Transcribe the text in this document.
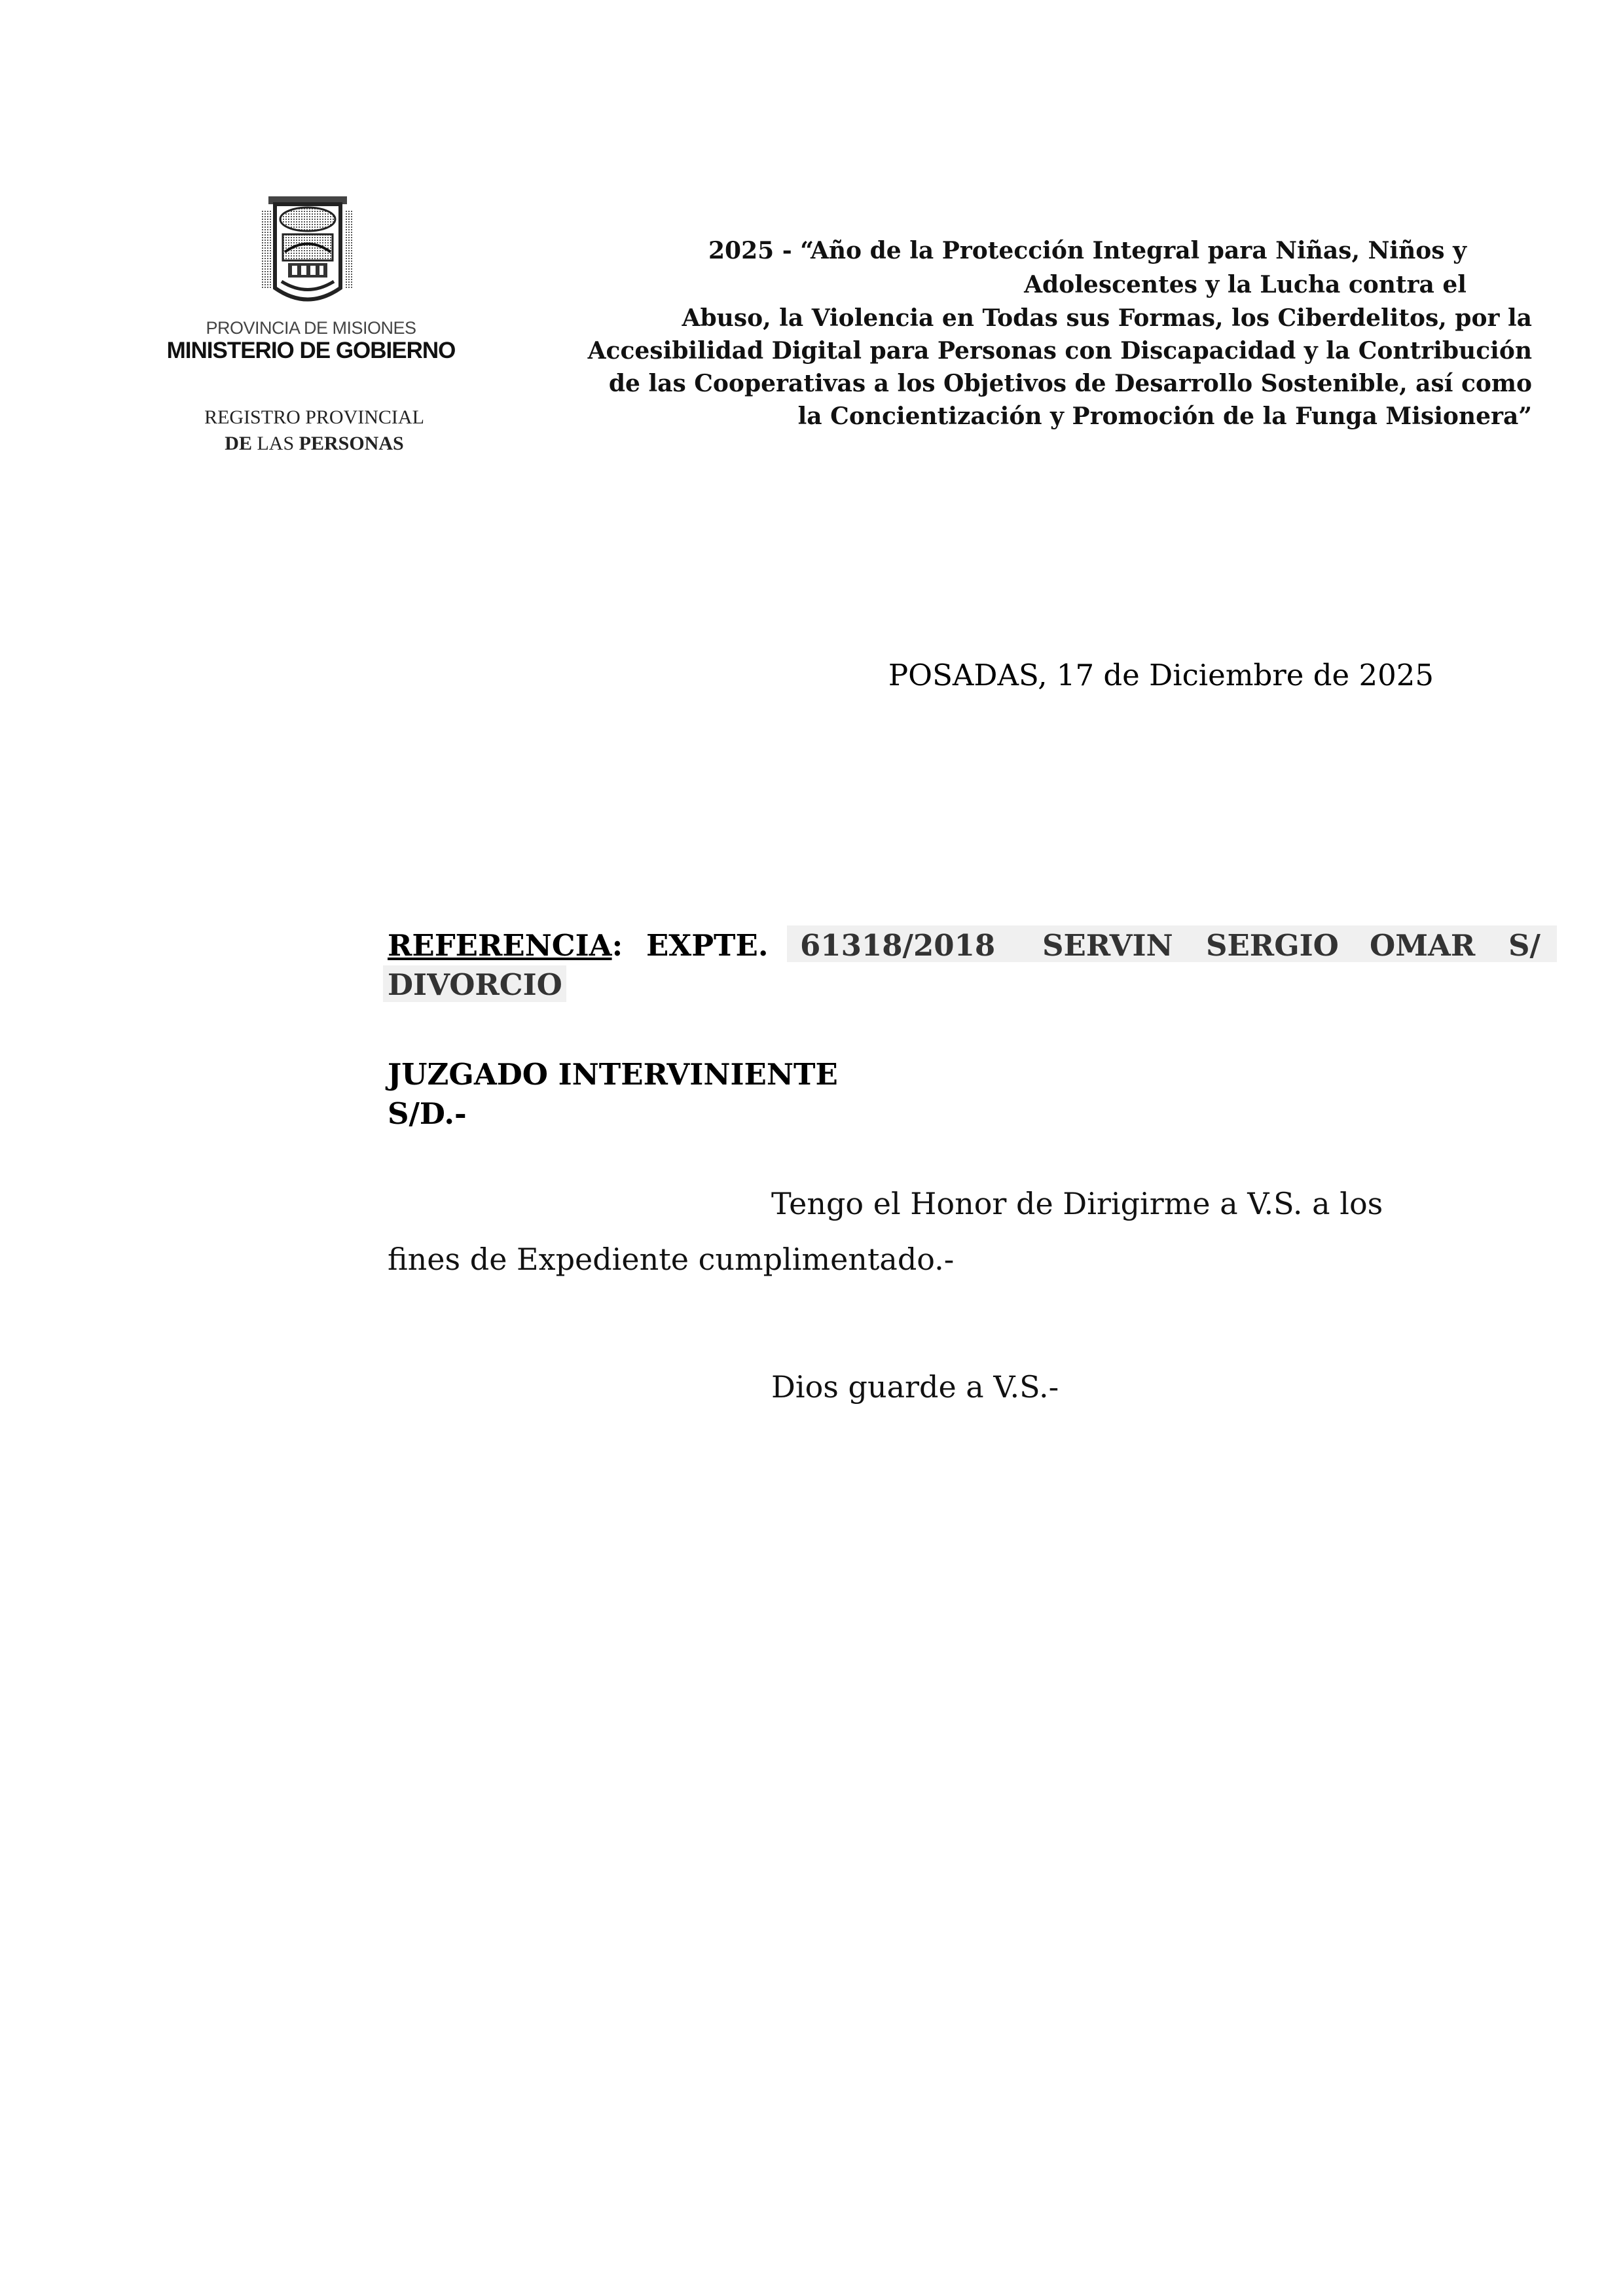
PROVINCIA DE MISIONES
MINISTERIO DE GOBIERNO
REGISTRO PROVINCIAL
DE LAS PERSONAS
2025 - “Año de la Protección Integral para Niñas, Niños y
Adolescentes y la Lucha contra el
Abuso, la Violencia en Todas sus Formas, los Ciberdelitos, por la
Accesibilidad Digital para Personas con Discapacidad y la Contribución
de las Cooperativas a los Objetivos de Desarrollo Sostenible, así como
la Concientización y Promoción de la Funga Misionera”
POSADAS, 17 de Diciembre de 2025
REFERENCIA: EXPTE. 61318/2018 SERVIN SERGIO OMAR S/
DIVORCIO
JUZGADO INTERVINIENTE
S/D.-
Tengo el Honor de Dirigirme a V.S. a los
fines de Expediente cumplimentado.-
Dios guarde a V.S.-
